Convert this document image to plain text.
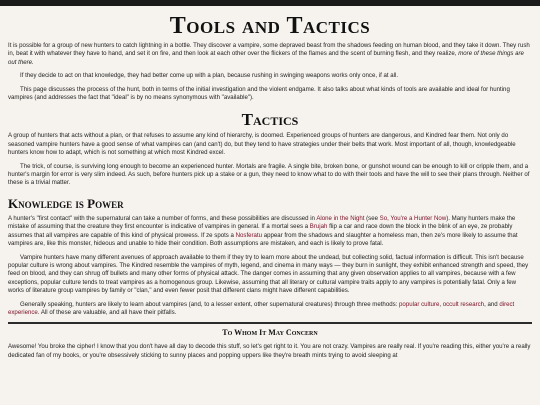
Tools and Tactics

It is possible for a group of new hunters to catch lightning in a bottle. They discover a vampire, some depraved beast from the shadows feeding on human blood, and they take it down. They rush in, beat it with whatever they have to hand, and set it on fire, and then look at each other over the flickers of the flames and the scent of burning flesh, and they realize, more of these things are out there.

If they decide to act on that knowledge, they had better come up with a plan, because rushing in swinging weapons works only once, if at all.

This page discusses the process of the hunt, both in terms of the initial investigation and the violent endgame. It also talks about what kinds of tools are available and ideal for hunting vampires (and addresses the fact that "ideal" is by no means synonymous with "available").

Tactics

A group of hunters that acts without a plan, or that refuses to assume any kind of hierarchy, is doomed. Experienced groups of hunters are dangerous, and Kindred fear them. Not only do seasoned vampire hunters have a good sense of what vampires can (and can't) do, but they tend to have strategies under their belts that work. Most important of all, though, knowledgeable hunters know how to adapt, which is not something at which most Kindred excel.

The trick, of course, is surviving long enough to become an experienced hunter. Mortals are fragile. A single bite, broken bone, or gunshot wound can be enough to kill or cripple them, and a hunter's margin for error is very slim indeed. As such, before hunters pick up a stake or a gun, they need to know what to do with their tools and have the will to see their plans through. Neither of these is a trivial matter.

Knowledge is Power

A hunter's "first contact" with the supernatural can take a number of forms, and these possibilities are discussed in Alone in the Night (see So, You're a Hunter Now). Many hunters make the mistake of assuming that the creature they first encounter is indicative of vampires in general. If a mortal sees a Brujah flip a car and race down the block in the blink of an eye, ze probably assumes that all vampires are capable of this kind of physical prowess. If ze spots a Nosferatu appear from the shadows and slaughter a homeless man, then ze's more likely to assume that vampires are, like this monster, hideous and unable to hide their condition. Both assumptions are mistaken, and each is likely to prove fatal.

Vampire hunters have many different avenues of approach available to them if they try to learn more about the undead, but collecting solid, factual information is difficult. This isn't because popular culture is wrong about vampires. The Kindred resemble the vampires of myth, legend, and cinema in many ways — they burn in sunlight, they exhibit enhanced strength and speed, they feed on blood, and they can shrug off bullets and many other forms of physical attack. The danger comes in assuming that any given observation applies to all vampires, because with a few exceptions, popular culture tends to treat vampires as a homogenous group. Likewise, assuming that all literary or cultural vampire traits apply to any vampires is potentially fatal. Only a few works of literature group vampires by family or "clan," and even fewer posit that different clans might have different capabilities.

Generally speaking, hunters are likely to learn about vampires (and, to a lesser extent, other supernatural creatures) through three methods: popular culture, occult research, and direct experience. All of these are valuable, and all have their pitfalls.

To Whom It May Concern

Awesome! You broke the cipher! I know that you don't have all day to decode this stuff, so let's get right to it. You are not crazy. Vampires are really real. If you're reading this, either you're a really dedicated fan of my books, or you're obsessively sticking to sunny places and popping uppers like they're breath mints trying to avoid sleeping at
